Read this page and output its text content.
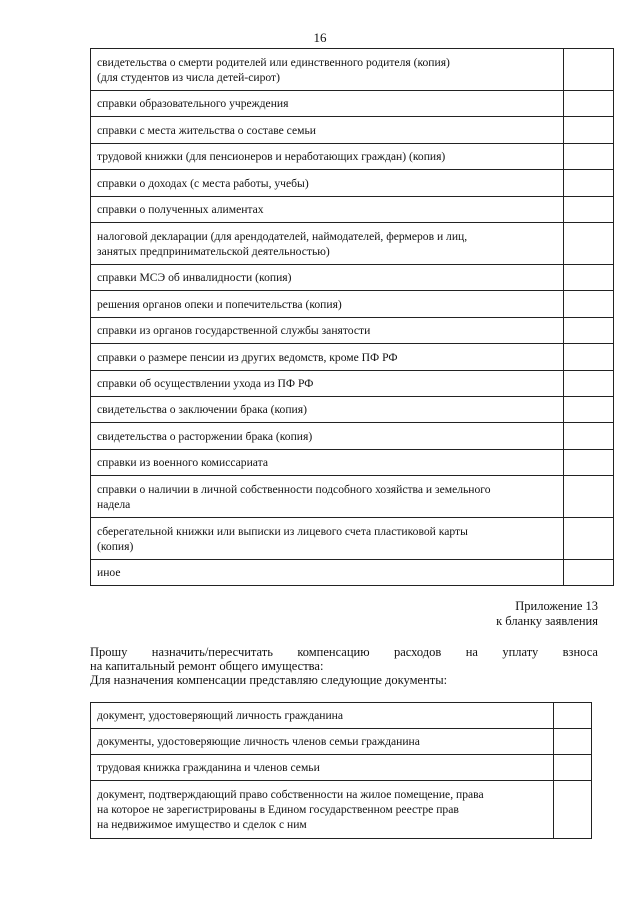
16
свидетельства о смерти родителей или единственного родителя (копия)
(для студентов из числа детей-сирот)	

справки образовательного учреждения	

справки с места жительства о составе семьи	

трудовой книжки (для пенсионеров и неработающих граждан) (копия)	

справки о доходах (с места работы, учебы)	

справки о полученных алиментах	

налоговой декларации (для арендодателей, наймодателей, фермеров и лиц,
занятых предпринимательской деятельностью)	

справки МСЭ об инвалидности (копия)	

решения органов опеки и попечительства (копия)	

справки из органов государственной службы занятости	

справки о размере пенсии из других ведомств, кроме ПФ РФ	

справки об осуществлении ухода из ПФ РФ	

свидетельства о заключении брака (копия)	

свидетельства о расторжении брака (копия)	

справки из военного комиссариата	

справки о наличии в личной собственности подсобного хозяйства и земельного
надела	

сберегательной книжки или выписки из лицевого счета пластиковой карты
(копия)	

иное	

Приложение 13
к бланку заявления
Прошу назначить/пересчитать компенсацию расходов на уплату взноса
на капитальный ремонт общего имущества:
Для назначения компенсации представляю следующие документы:
документ, удостоверяющий личность гражданина	

документы, удостоверяющие личность членов семьи гражданина	

трудовая книжка гражданина и членов семьи	

документ, подтверждающий право собственности на жилое помещение, права
на которое не зарегистрированы в Едином государственном реестре прав
на недвижимое имущество и сделок с ним	
